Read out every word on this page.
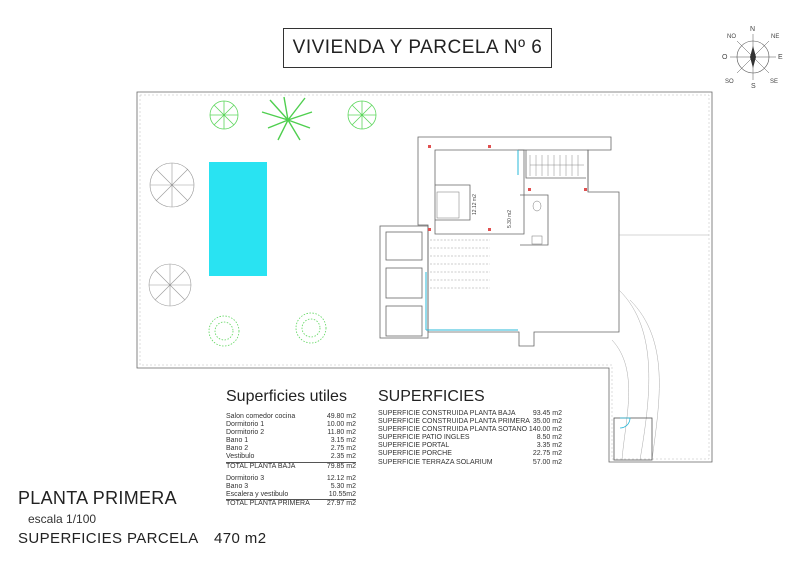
VIVIENDA Y PARCELA Nº 6	O
NO
N
NE
E
SE
S
SO
12.12 m2
5.30 m2
Superficies utiles
Salon comedor cocina	49.80 m2
Dormitorio 1	10.00 m2
Dormitorio 2	11.80 m2
Bano 1	3.15 m2
Bano 2	2.75 m2
Vestibulo	2.35 m2
TOTAL PLANTA BAJA	79.85 m2
Dormitorio 3	12.12 m2
Bano 3	5.30 m2
Escalera y vestibulo	10.55m2
TOTAL PLANTA PRIMERA 27.97 m2
SUPERFICIES
SUPERFICIE CONSTRUIDA PLANTA BAJA 93.45 m2
SUPERFICIE CONSTRUIDA PLANTA PRIMERA 35.00 m2
SUPERFICIE CONSTRUIDA PLANTA SOTANO 140.00 m2
SUPERFICIE PATIO INGLES	8.50 m2
SUPERFICIE PORTAL	3.35 m2
SUPERFICIE PORCHE	22.75 m2
SUPERFICIE TERRAZA SOLARIUM	57.00 m2
PLANTA PRIMERA
escala 1/100
SUPERFICIES PARCELA 470 m2
